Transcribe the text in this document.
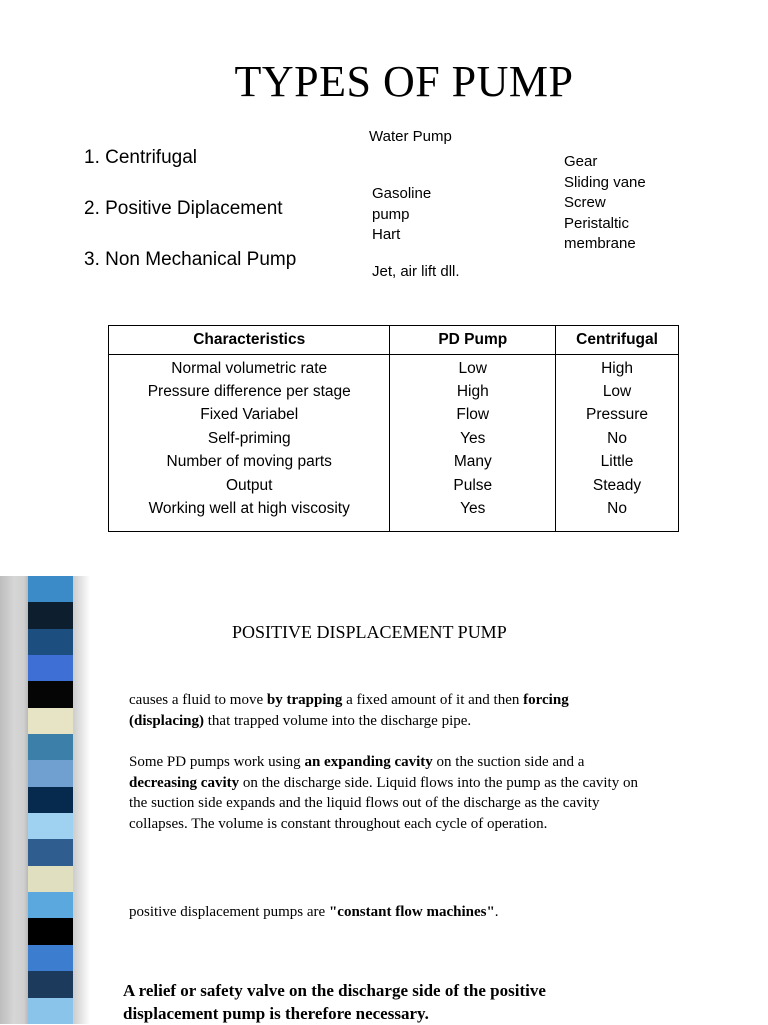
TYPES OF PUMP
1. Centrifugal
2. Positive Diplacement
3. Non Mechanical Pump
Water Pump
Gasoline
pump
Hart
Jet, air lift dll.
Gear
Sliding vane
Screw
Peristaltic
membrane
Characteristics	PD Pump	Centrifugal
Normal volumetric rate	Low	High
Pressure difference per stage	High	Low
Fixed Variabel	Flow	Pressure
Self-priming	Yes	No
Number of moving parts	Many	Little
Output	Pulse	Steady
Working well at high viscosity	Yes	No
POSITIVE DISPLACEMENT PUMP
causes a fluid to move by trapping a fixed amount of it and then forcing
(displacing) that trapped volume into the discharge pipe.
Some PD pumps work using an expanding cavity on the suction side and a
decreasing cavity on the discharge side. Liquid flows into the pump as the cavity on
the suction side expands and the liquid flows out of the discharge as the cavity
collapses. The volume is constant throughout each cycle of operation.
positive displacement pumps are "constant flow machines".
A relief or safety valve on the discharge side of the positive
displacement pump is therefore necessary.
